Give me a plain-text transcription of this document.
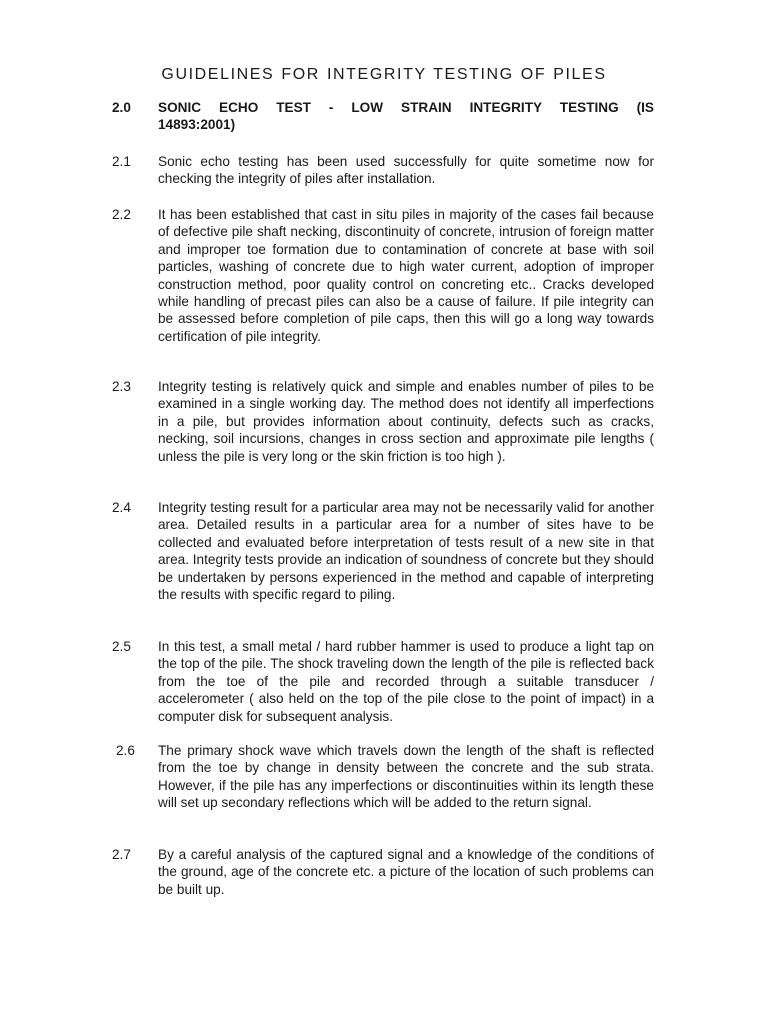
GUIDELINES FOR INTEGRITY TESTING OF PILES
2.0	SONIC ECHO TEST - LOW STRAIN INTEGRITY TESTING (IS 14893:2001)
2.1	Sonic echo testing has been used successfully for quite sometime now for checking the integrity of piles after installation.
2.2	It has been established that cast in situ piles in majority of the cases fail because of defective pile shaft necking, discontinuity of concrete, intrusion of foreign matter and improper toe formation due to contamination of concrete at base with soil particles, washing of concrete due to high water current, adoption of improper construction method, poor quality control on concreting etc.. Cracks developed while handling of precast piles can also be a cause of failure. If pile integrity can be assessed before completion of pile caps, then this will go a long way towards certification of pile integrity.
2.3	Integrity testing is relatively quick and simple and enables number of piles to be examined in a single working day. The method does not identify all imperfections in a pile, but provides information about continuity, defects such as cracks, necking, soil incursions, changes in cross section and approximate pile lengths ( unless the pile is very long or the skin friction is too high ).
2.4	Integrity testing result for a particular area may not be necessarily valid for another area. Detailed results in a particular area for a number of sites have to be collected and evaluated before interpretation of tests result of a new site in that area. Integrity tests provide an indication of soundness of concrete but they should be undertaken by persons experienced in the method and capable of interpreting the results with specific regard to piling.
2.5	In this test, a small metal / hard rubber hammer is used to produce a light tap on the top of the pile. The shock traveling down the length of the pile is reflected back from the toe of the pile and recorded through a suitable transducer / accelerometer ( also held on the top of the pile close to the point of impact) in a computer disk for subsequent analysis.
2.6	The primary shock wave which travels down the length of the shaft is reflected from the toe by change in density between the concrete and the sub strata. However, if the pile has any imperfections or discontinuities within its length these will set up secondary reflections which will be added to the return signal.
2.7	By a careful analysis of the captured signal and a knowledge of the conditions of the ground, age of the concrete etc. a picture of the location of such problems can be built up.
